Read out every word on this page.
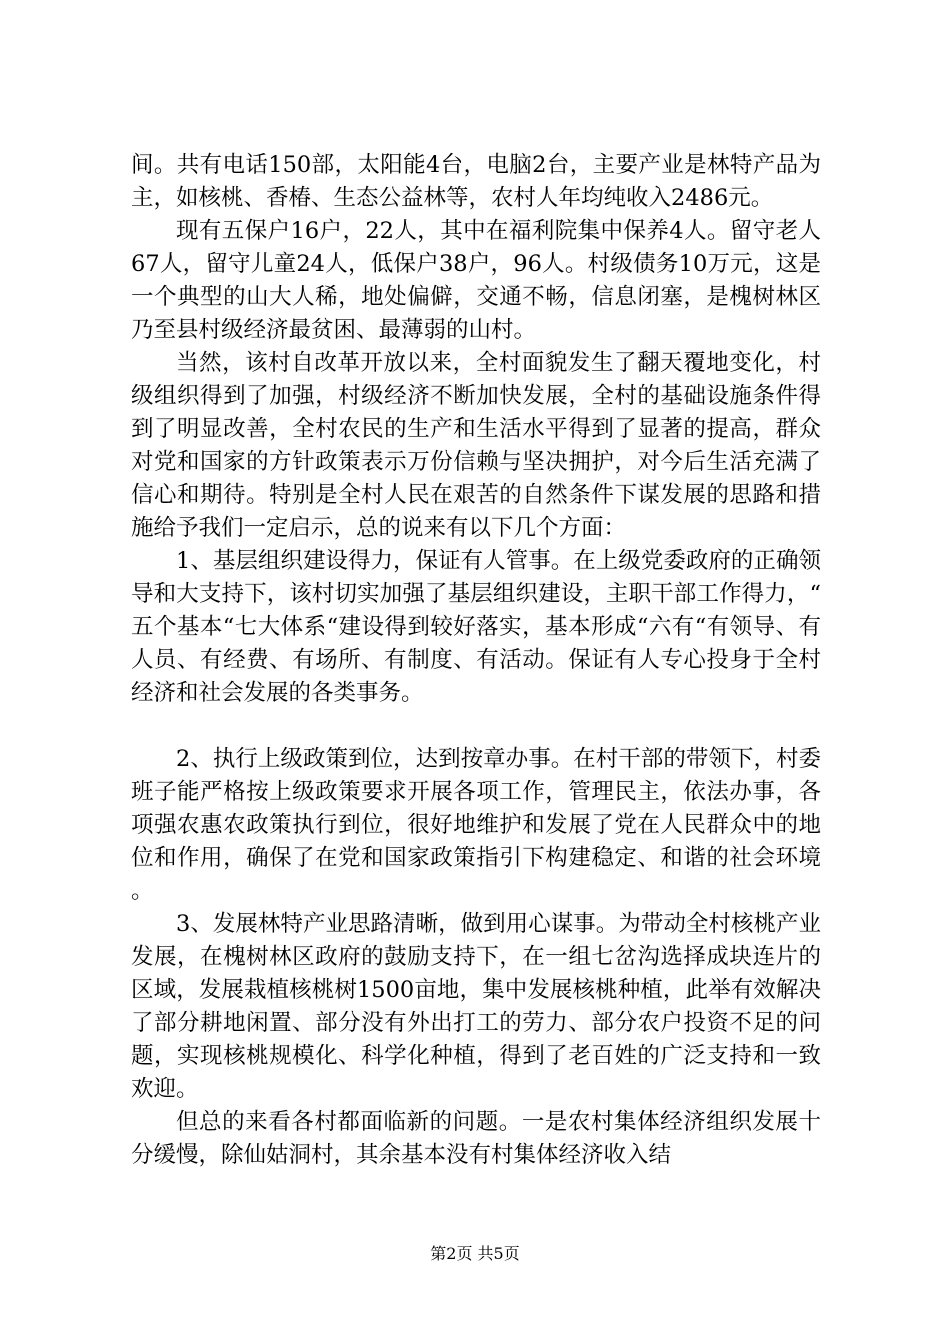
间。共有电话150部，太阳能4台，电脑2台，主要产业是林特产品为主，如核桃、香椿、生态公益林等，农村人年均纯收入2486元。

现有五保户16户，22人，其中在福利院集中保养4人。留守老人67人，留守儿童24人，低保户38户，96人。村级债务10万元，这是一个典型的山大人稀，地处偏僻，交通不畅，信息闭塞，是槐树林区乃至县村级经济最贫困、最薄弱的山村。

当然，该村自改革开放以来，全村面貌发生了翻天覆地变化，村级组织得到了加强，村级经济不断加快发展，全村的基础设施条件得到了明显改善，全村农民的生产和生活水平得到了显著的提高，群众对党和国家的方针政策表示万份信赖与坚决拥护，对今后生活充满了信心和期待。特别是全村人民在艰苦的自然条件下谋发展的思路和措施给予我们一定启示，总的说来有以下几个方面：

1、基层组织建设得力，保证有人管事。在上级党委政府的正确领导和大支持下，该村切实加强了基层组织建设，主职干部工作得力，“五个基本“七大体系“建设得到较好落实，基本形成“六有“有领导、有人员、有经费、有场所、有制度、有活动。保证有人专心投身于全村经济和社会发展的各类事务。

2、执行上级政策到位，达到按章办事。在村干部的带领下，村委班子能严格按上级政策要求开展各项工作，管理民主，依法办事，各项强农惠农政策执行到位，很好地维护和发展了党在人民群众中的地位和作用，确保了在党和国家政策指引下构建稳定、和谐的社会环境。

3、发展林特产业思路清晰，做到用心谋事。为带动全村核桃产业发展，在槐树林区政府的鼓励支持下，在一组七岔沟选择成块连片的区域，发展栽植核桃树1500亩地，集中发展核桃种植，此举有效解决了部分耕地闲置、部分没有外出打工的劳力、部分农户投资不足的问题，实现核桃规模化、科学化种植，得到了老百姓的广泛支持和一致欢迎。

但总的来看各村都面临新的问题。一是农村集体经济组织发展十分缓慢，除仙姑洞村，其余基本没有村集体经济收入结

第2页 共5页
